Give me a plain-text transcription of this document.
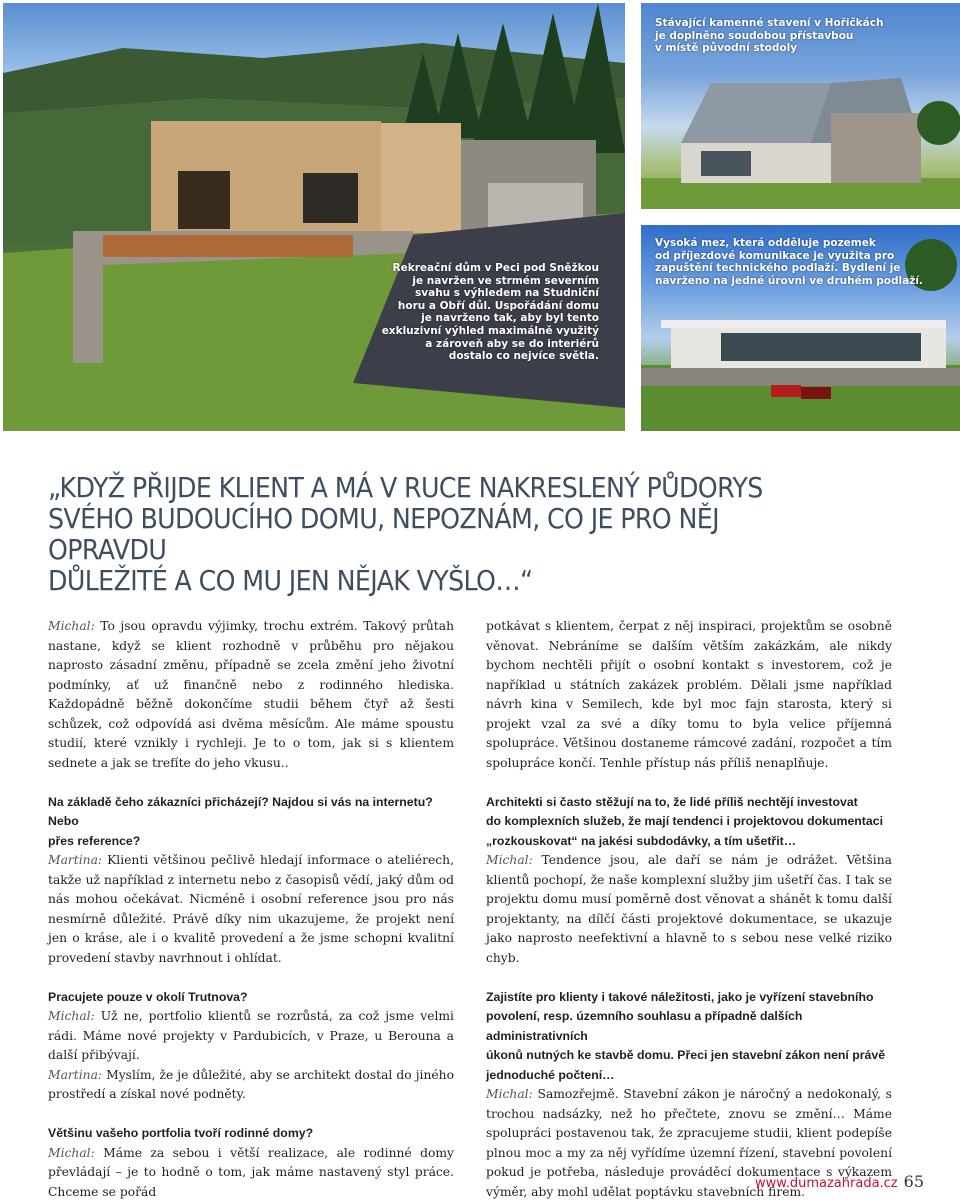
Rekreační dům v Peci pod Sněžkou
je navržen ve strmém severním
svahu s výhledem na Studniční
horu a Obří důl. Uspořádání domu
je navrženo tak, aby byl tento
exkluzivní výhled maximálně využitý
a zároveň aby se do interiérů
dostalo co nejvíce světla.
Stávající kamenné stavení v Hořičkách
je doplněno soudobou přístavbou
v místě původní stodoly
Vysoká mez, která odděluje pozemek
od příjezdové komunikace je využita pro
zapuštění technického podlaží. Bydlení je
navrženo na jedné úrovni ve druhém podlaží.
„KDYŽ PŘIJDE KLIENT A MÁ V RUCE NAKRESLENÝ PŮDORYS
SVÉHO BUDOUCÍHO DOMU, NEPOZNÁM, CO JE PRO NĚJ OPRAVDU
DŮLEŽITÉ A CO MU JEN NĚJAK VYŠLO…“

Michal: To jsou opravdu výjimky, trochu extrém. Takový průtah nastane, když se klient rozhodně v průběhu pro nějakou naprosto zásadní změnu, případně se zcela změní jeho životní podmínky, ať už finančně nebo z rodinného hlediska. Každopádně běžně dokončíme studii během čtyř až šesti schůzek, což odpovídá asi dvěma měsícům. Ale máme spoustu studií, které vznikly i rychleji. Je to o tom, jak si s klientem sednete a jak se trefíte do jeho vkusu..

Na základě čeho zákazníci přicházejí? Najdou si vás na internetu? Nebo
přes reference?

Martina: Klienti většinou pečlivě hledají informace o ateliérech, takže už například z internetu nebo z časopisů vědí, jaký dům od nás mohou očekávat. Nicméně i osobní reference jsou pro nás nesmírně důležité. Právě díky nim ukazujeme, že projekt není jen o kráse, ale i o kvalitě provedení a že jsme schopni kvalitní provedení stavby navrhnout i ohlídat.

Pracujete pouze v okolí Trutnova?

Michal: Už ne, portfolio klientů se rozrůstá, za což jsme velmi rádi. Máme nové projekty v Pardubicích, v Praze, u Berouna a další přibývají.

Martina: Myslím, že je důležité, aby se architekt dostal do jiného prostředí a získal nové podněty.

Většinu vašeho portfolia tvoří rodinné domy?

Michal: Máme za sebou i větší realizace, ale rodinné domy převládají – je to hodně o tom, jak máme nastavený styl práce. Chceme se pořád

potkávat s klientem, čerpat z něj inspiraci, projektům se osobně věnovat. Nebráníme se dalším větším zakázkám, ale nikdy bychom nechtěli přijít o osobní kontakt s investorem, což je například u státních zakázek problém. Dělali jsme například návrh kina v Semilech, kde byl moc fajn starosta, který si projekt vzal za své a díky tomu to byla velice příjemná spolupráce. Většinou dostaneme rámcové zadání, rozpočet a tím spolupráce končí. Tenhle přístup nás příliš nenaplňuje.

Architekti si často stěžují na to, že lidé příliš nechtějí investovat
do komplexních služeb, že mají tendenci i projektovou dokumentaci
„rozkouskovat“ na jakési subdodávky, a tím ušetřit…

Michal: Tendence jsou, ale daří se nám je odrážet. Většina klientů pochopí, že naše komplexní služby jim ušetří čas. I tak se projektu domu musí poměrně dost věnovat a shánět k tomu další projektanty, na dílčí části projektové dokumentace, se ukazuje jako naprosto neefektivní a hlavně to s sebou nese velké riziko chyb.

Zajistíte pro klienty i takové náležitosti, jako je vyřízení stavebního
povolení, resp. územního souhlasu a případně dalších administrativních
úkonů nutných ke stavbě domu. Přeci jen stavební zákon není právě
jednoduché počtení…

Michal: Samozřejmě. Stavební zákon je náročný a nedokonalý, s trochou nadsázky, než ho přečtete, znovu se změní… Máme spolupráci postavenou tak, že zpracujeme studii, klient podepíše plnou moc a my za něj vyřídíme územní řízení, stavební povolení pokud je potřeba, následuje prováděcí dokumentace s výkazem výměr, aby mohl udělat poptávku stavebních firem.

www.dumazahrada.cz 65
